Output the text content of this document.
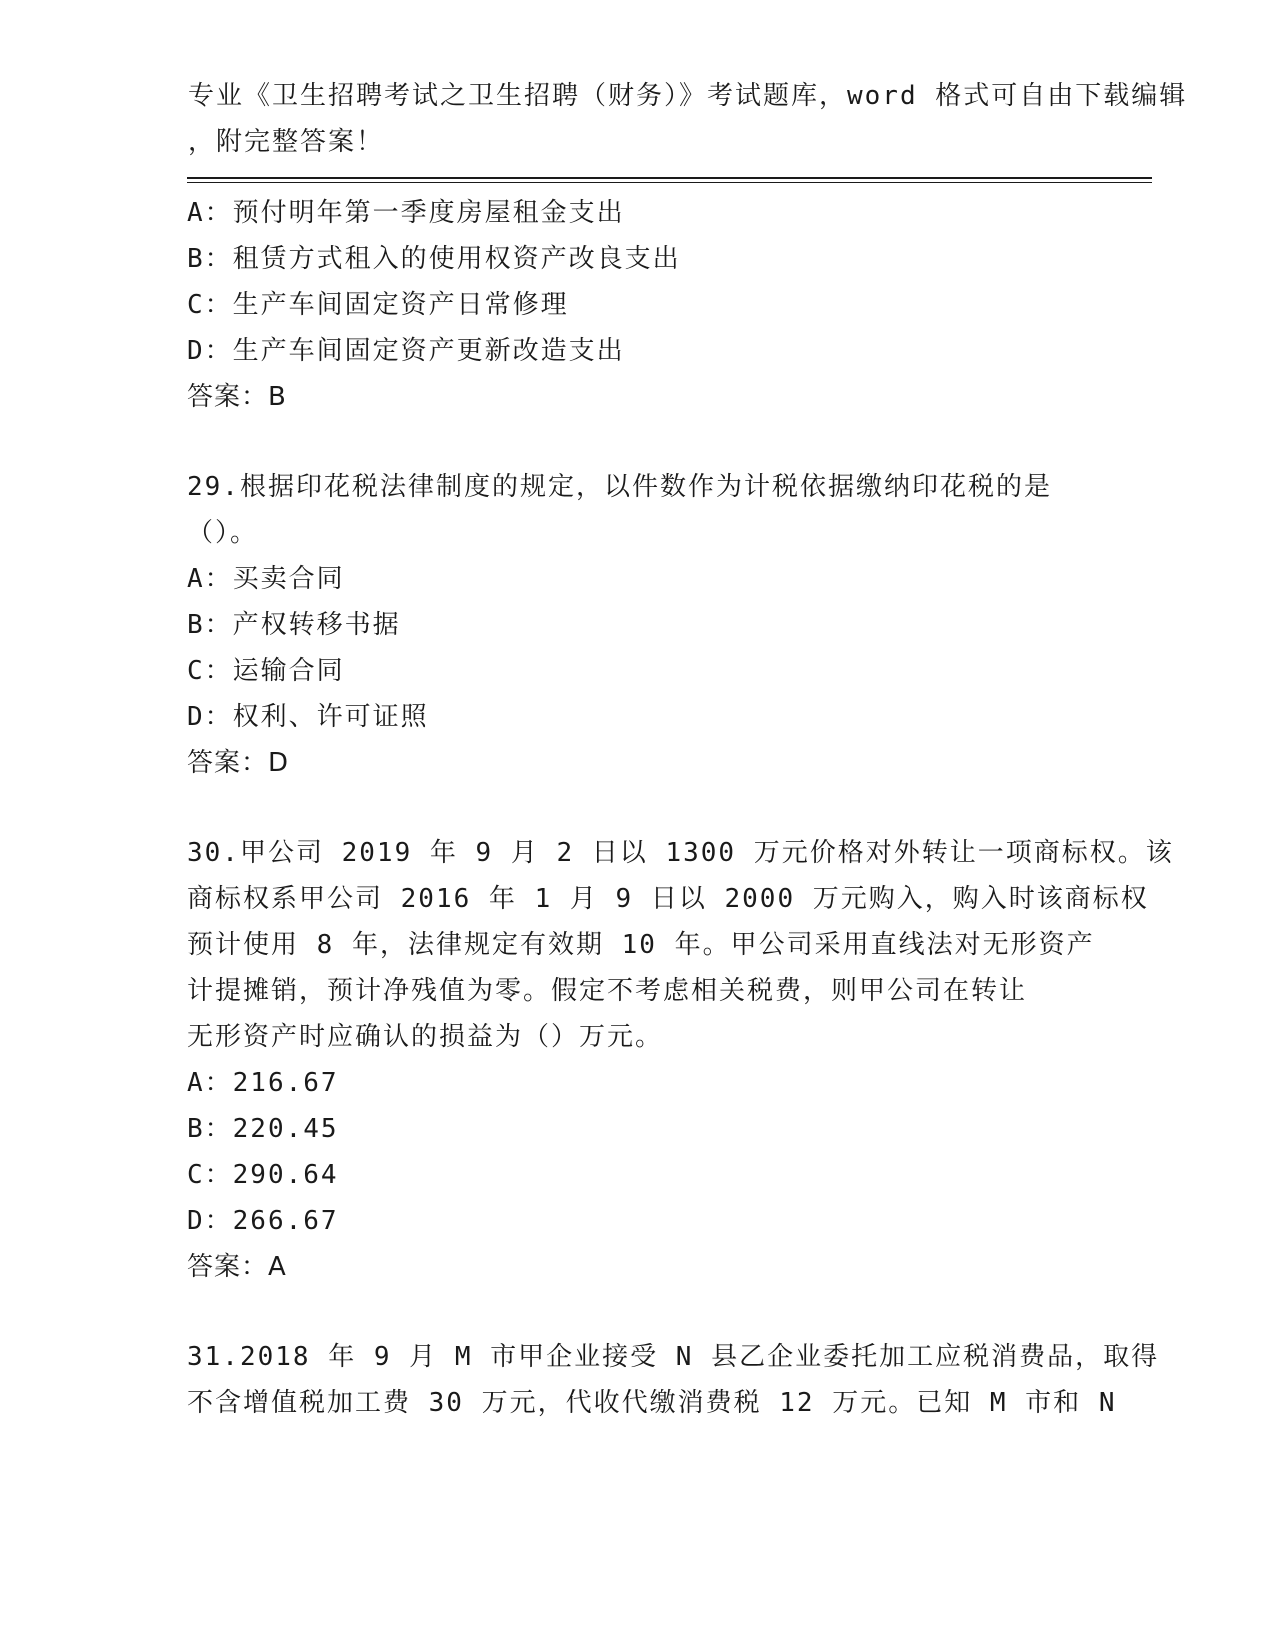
专业《卫生招聘考试之卫生招聘（财务）》考试题库，word 格式可自由下载编辑
，附完整答案！
A：预付明年第一季度房屋租金支出
B：租赁方式租入的使用权资产改良支出
C：生产车间固定资产日常修理
D：生产车间固定资产更新改造支出
答案：B
29.根据印花税法律制度的规定，以件数作为计税依据缴纳印花税的是
（）。
A：买卖合同
B：产权转移书据
C：运输合同
D：权利、许可证照
答案：D
30.甲公司 2019 年 9 月 2 日以 1300 万元价格对外转让一项商标权。该
商标权系甲公司 2016 年 1 月 9 日以 2000 万元购入，购入时该商标权
预计使用 8 年，法律规定有效期 10 年。甲公司采用直线法对无形资产
计提摊销，预计净残值为零。假定不考虑相关税费，则甲公司在转让
无形资产时应确认的损益为（）万元。
A：216.67
B：220.45
C：290.64
D：266.67
答案：A
31.2018 年 9 月 M 市甲企业接受 N 县乙企业委托加工应税消费品，取得
不含增值税加工费 30 万元，代收代缴消费税 12 万元。已知 M 市和 N
